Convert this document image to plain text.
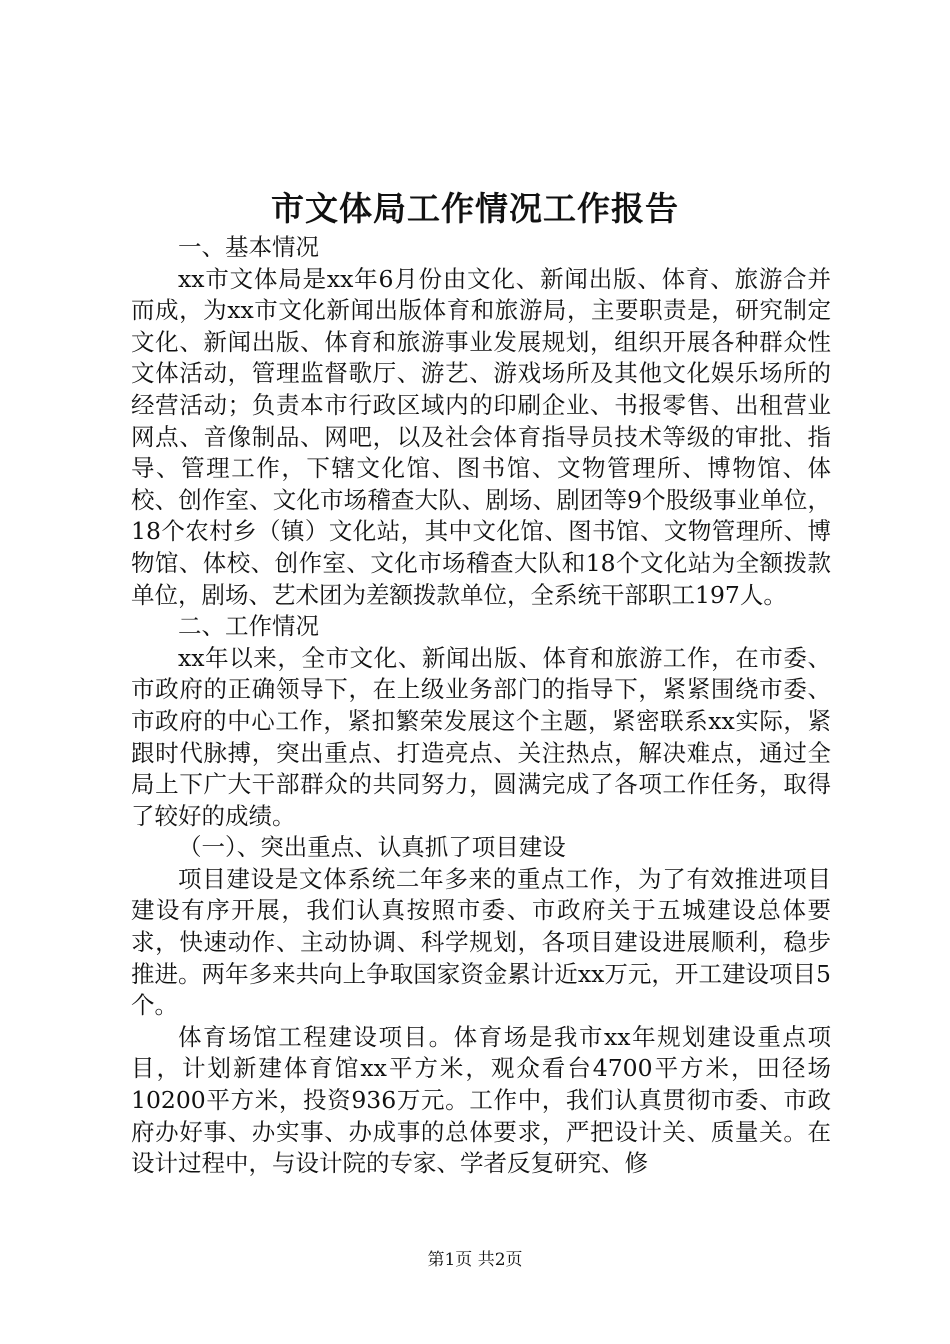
市文体局工作情况工作报告

一、基本情况

xx市文体局是xx年6月份由文化、新闻出版、体育、旅游合并而成，为xx市文化新闻出版体育和旅游局，主要职责是，研究制定文化、新闻出版、体育和旅游事业发展规划，组织开展各种群众性文体活动，管理监督歌厅、游艺、游戏场所及其他文化娱乐场所的经营活动；负责本市行政区域内的印刷企业、书报零售、出租营业网点、音像制品、网吧，以及社会体育指导员技术等级的审批、指导、管理工作，下辖文化馆、图书馆、文物管理所、博物馆、体校、创作室、文化市场稽查大队、剧场、剧团等9个股级事业单位，18个农村乡（镇）文化站，其中文化馆、图书馆、文物管理所、博物馆、体校、创作室、文化市场稽查大队和18个文化站为全额拨款单位，剧场、艺术团为差额拨款单位，全系统干部职工197人。

二、工作情况

xx年以来，全市文化、新闻出版、体育和旅游工作，在市委、市政府的正确领导下，在上级业务部门的指导下，紧紧围绕市委、市政府的中心工作，紧扣繁荣发展这个主题，紧密联系xx实际，紧跟时代脉搏，突出重点、打造亮点、关注热点，解决难点，通过全局上下广大干部群众的共同努力，圆满完成了各项工作任务，取得了较好的成绩。

（一）、突出重点、认真抓了项目建设

项目建设是文体系统二年多来的重点工作，为了有效推进项目建设有序开展，我们认真按照市委、市政府关于五城建设总体要求，快速动作、主动协调、科学规划，各项目建设进展顺利，稳步推进。两年多来共向上争取国家资金累计近xx万元，开工建设项目5个。

体育场馆工程建设项目。体育场是我市xx年规划建设重点项目，计划新建体育馆xx平方米，观众看台4700平方米，田径场10200平方米，投资936万元。工作中，我们认真贯彻市委、市政府办好事、办实事、办成事的总体要求，严把设计关、质量关。在设计过程中，与设计院的专家、学者反复研究、修

第1页 共2页
